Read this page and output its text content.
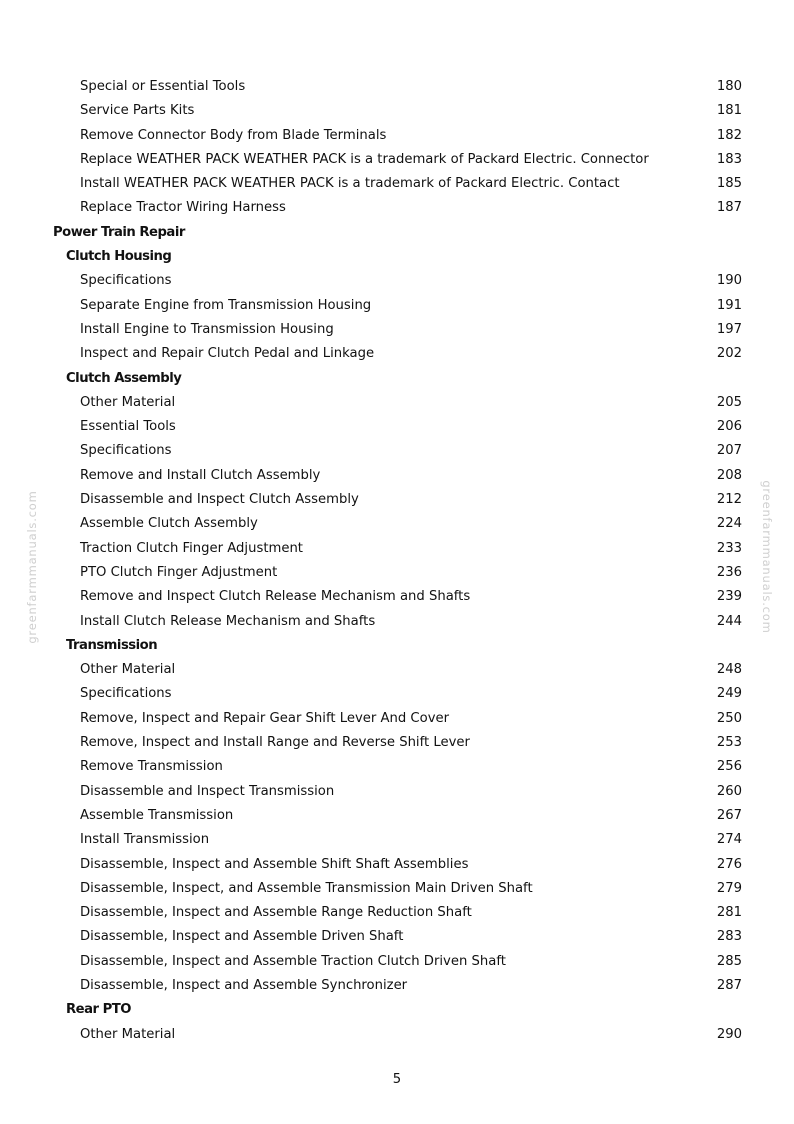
Special or Essential Tools	180
Service Parts Kits	181
Remove Connector Body from Blade Terminals	182
Replace WEATHER PACK WEATHER PACK is a trademark of Packard Electric. Connector	183
Install WEATHER PACK WEATHER PACK is a trademark of Packard Electric. Contact	185
Replace Tractor Wiring Harness	187
Power Train Repair
Clutch Housing
Specifications	190
Separate Engine from Transmission Housing	191
Install Engine to Transmission Housing	197
Inspect and Repair Clutch Pedal and Linkage	202
Clutch Assembly
Other Material	205
Essential Tools	206
Specifications	207
Remove and Install Clutch Assembly	208
Disassemble and Inspect Clutch Assembly	212
Assemble Clutch Assembly	224
Traction Clutch Finger Adjustment	233
PTO Clutch Finger Adjustment	236
Remove and Inspect Clutch Release Mechanism and Shafts	239
Install Clutch Release Mechanism and Shafts	244
Transmission
Other Material	248
Specifications	249
Remove, Inspect and Repair Gear Shift Lever And Cover	250
Remove, Inspect and Install Range and Reverse Shift Lever	253
Remove Transmission	256
Disassemble and Inspect Transmission	260
Assemble Transmission	267
Install Transmission	274
Disassemble, Inspect and Assemble Shift Shaft Assemblies	276
Disassemble, Inspect, and Assemble Transmission Main Driven Shaft	279
Disassemble, Inspect and Assemble Range Reduction Shaft	281
Disassemble, Inspect and Assemble Driven Shaft	283
Disassemble, Inspect and Assemble Traction Clutch Driven Shaft	285
Disassemble, Inspect and Assemble Synchronizer	287
Rear PTO
Other Material	290
greenfarmmanuals.com	greenfarmmanuals.com
5
